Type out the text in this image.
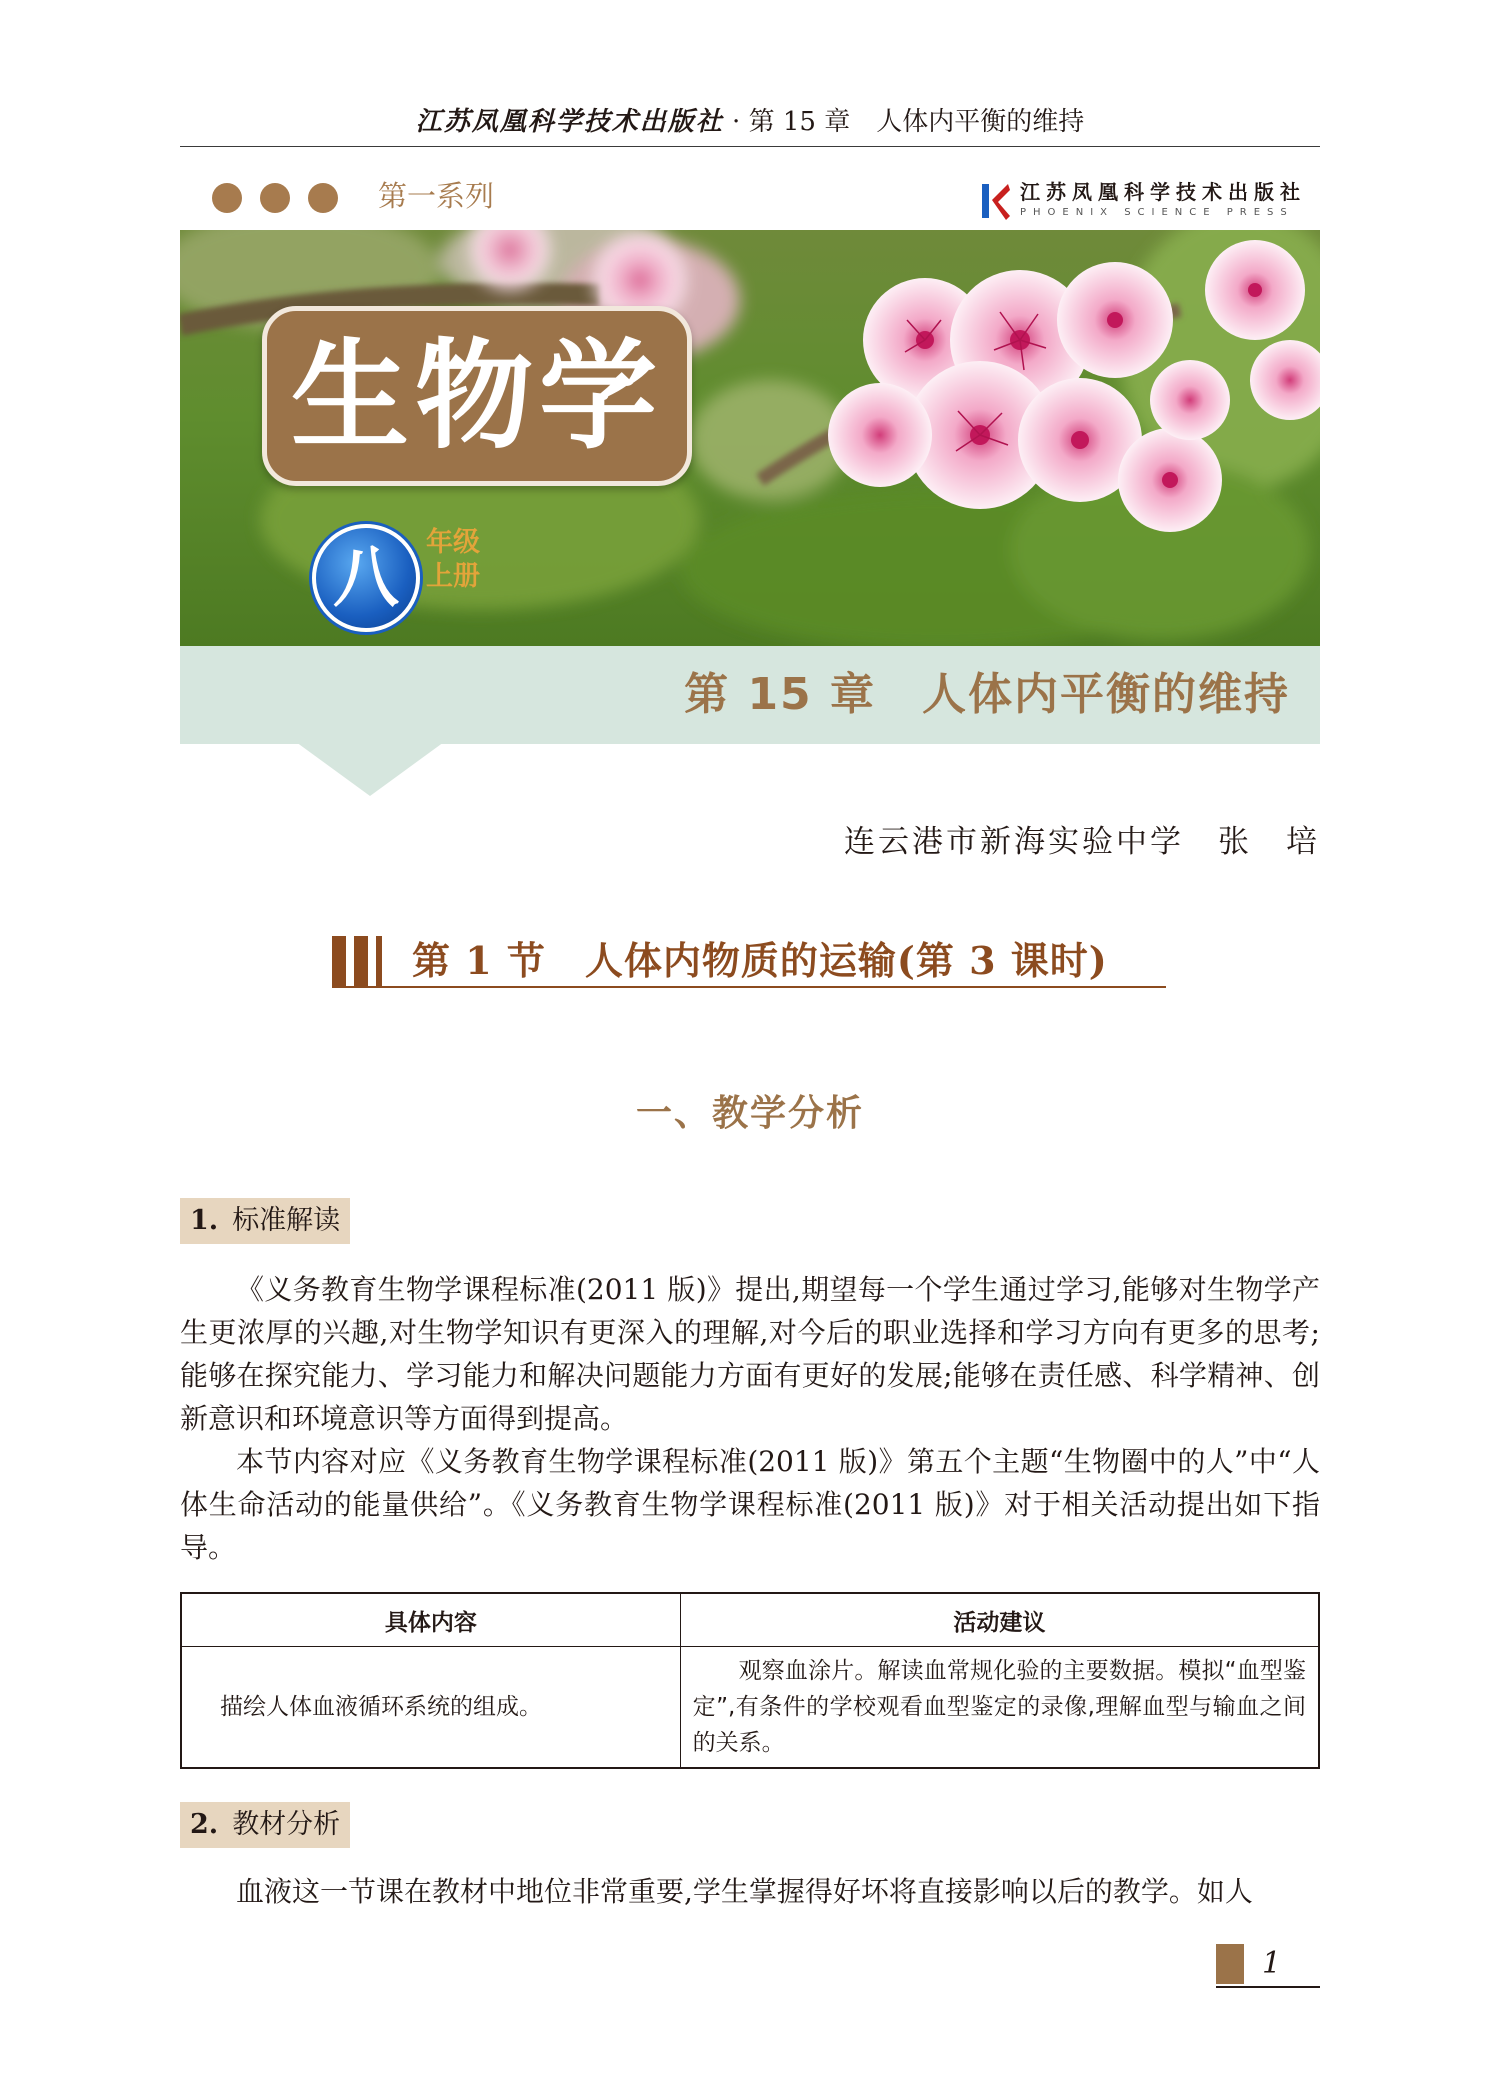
江苏凤凰科学技术出版社 · 第 15 章　人体内平衡的维持
第一系列	江苏凤凰科学技术出版社
PHOENIX SCIENCE PRESS
生物学
八	年级
上册
第 15 章　人体内平衡的维持
连云港市新海实验中学　张　培
第 1 节　人体内物质的运输(第 3 课时)
一、教学分析
1. 标准解读

《义务教育生物学课程标准(2011 版)》提出,期望每一个学生通过学习,能够对生物学产生更浓厚的兴趣,对生物学知识有更深入的理解,对今后的职业选择和学习方向有更多的思考;能够在探究能力、学习能力和解决问题能力方面有更好的发展;能够在责任感、科学精神、创新意识和环境意识等方面得到提高。

本节内容对应《义务教育生物学课程标准(2011 版)》第五个主题“生物圈中的人”中“人体生命活动的能量供给”。《义务教育生物学课程标准(2011 版)》对于相关活动提出如下指导。

具体内容	活动建议
描绘人体血液循环系统的组成。	观察血涂片。解读血常规化验的主要数据。模拟“血型鉴定”,有条件的学校观看血型鉴定的录像,理解血型与输血之间的关系。
2. 教材分析

血液这一节课在教材中地位非常重要,学生掌握得好坏将直接影响以后的教学。如人

1
